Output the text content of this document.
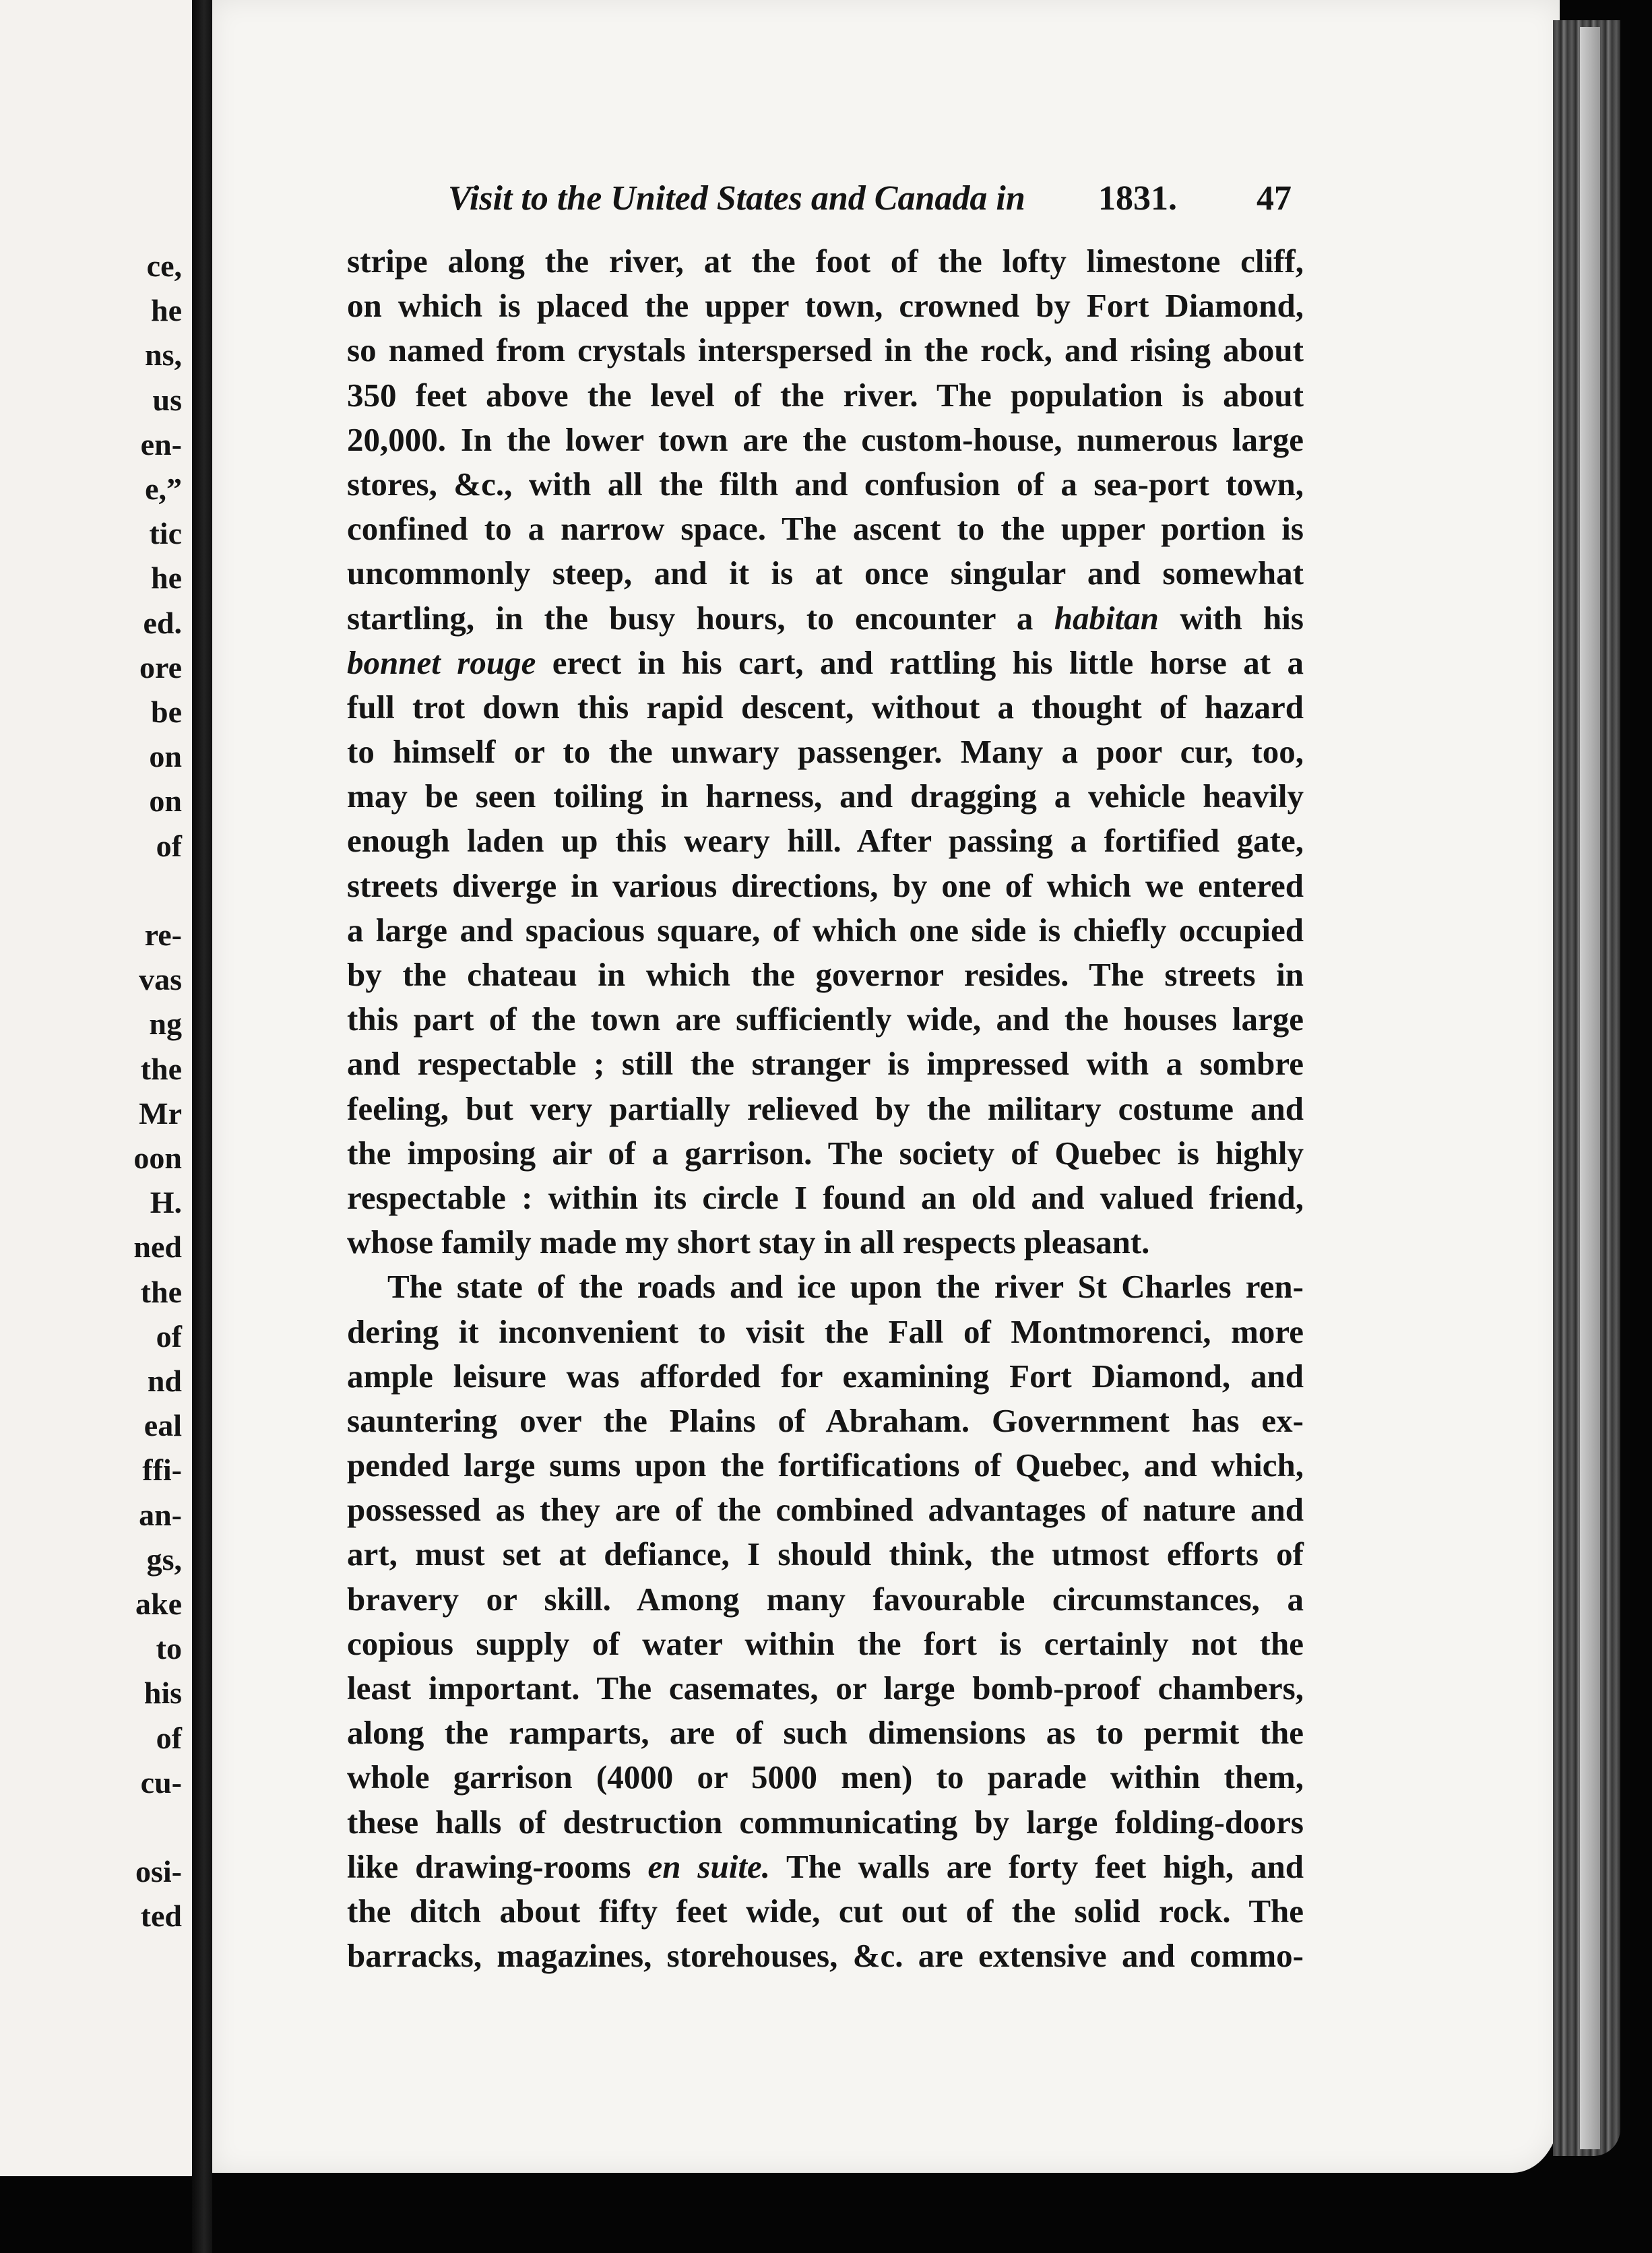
ce,
he
ns,
us
en-
e,”
tic
he
ed.
ore
be
on
on
of
re-
vas
ng
the
Mr
oon
H.
ned
the
of
nd
eal
ffi-
an-
gs,
ake
to
his
of
cu-
osi-
ted
Visit to the United States and Canada in 1831. 47
stripe along the river, at the foot of the lofty limestone cliff,
on which is placed the upper town, crowned by Fort Diamond,
so named from crystals interspersed in the rock, and rising about
350 feet above the level of the river. The population is about
20,000. In the lower town are the custom-house, numerous large
stores, &c., with all the filth and confusion of a sea-port town,
confined to a narrow space. The ascent to the upper portion is
uncommonly steep, and it is at once singular and somewhat
startling, in the busy hours, to encounter a habitan with his
bonnet rouge erect in his cart, and rattling his little horse at a
full trot down this rapid descent, without a thought of hazard
to himself or to the unwary passenger. Many a poor cur, too,
may be seen toiling in harness, and dragging a vehicle heavily
enough laden up this weary hill. After passing a fortified gate,
streets diverge in various directions, by one of which we entered
a large and spacious square, of which one side is chiefly occupied
by the chateau in which the governor resides. The streets in
this part of the town are sufficiently wide, and the houses large
and respectable ; still the stranger is impressed with a sombre
feeling, but very partially relieved by the military costume and
the imposing air of a garrison. The society of Quebec is highly
respectable : within its circle I found an old and valued friend,
whose family made my short stay in all respects pleasant.
The state of the roads and ice upon the river St Charles ren-
dering it inconvenient to visit the Fall of Montmorenci, more
ample leisure was afforded for examining Fort Diamond, and
sauntering over the Plains of Abraham. Government has ex-
pended large sums upon the fortifications of Quebec, and which,
possessed as they are of the combined advantages of nature and
art, must set at defiance, I should think, the utmost efforts of
bravery or skill. Among many favourable circumstances, a
copious supply of water within the fort is certainly not the
least important. The casemates, or large bomb-proof chambers,
along the ramparts, are of such dimensions as to permit the
whole garrison (4000 or 5000 men) to parade within them,
these halls of destruction communicating by large folding-doors
like drawing-rooms en suite. The walls are forty feet high, and
the ditch about fifty feet wide, cut out of the solid rock. The
barracks, magazines, storehouses, &c. are extensive and commo-
